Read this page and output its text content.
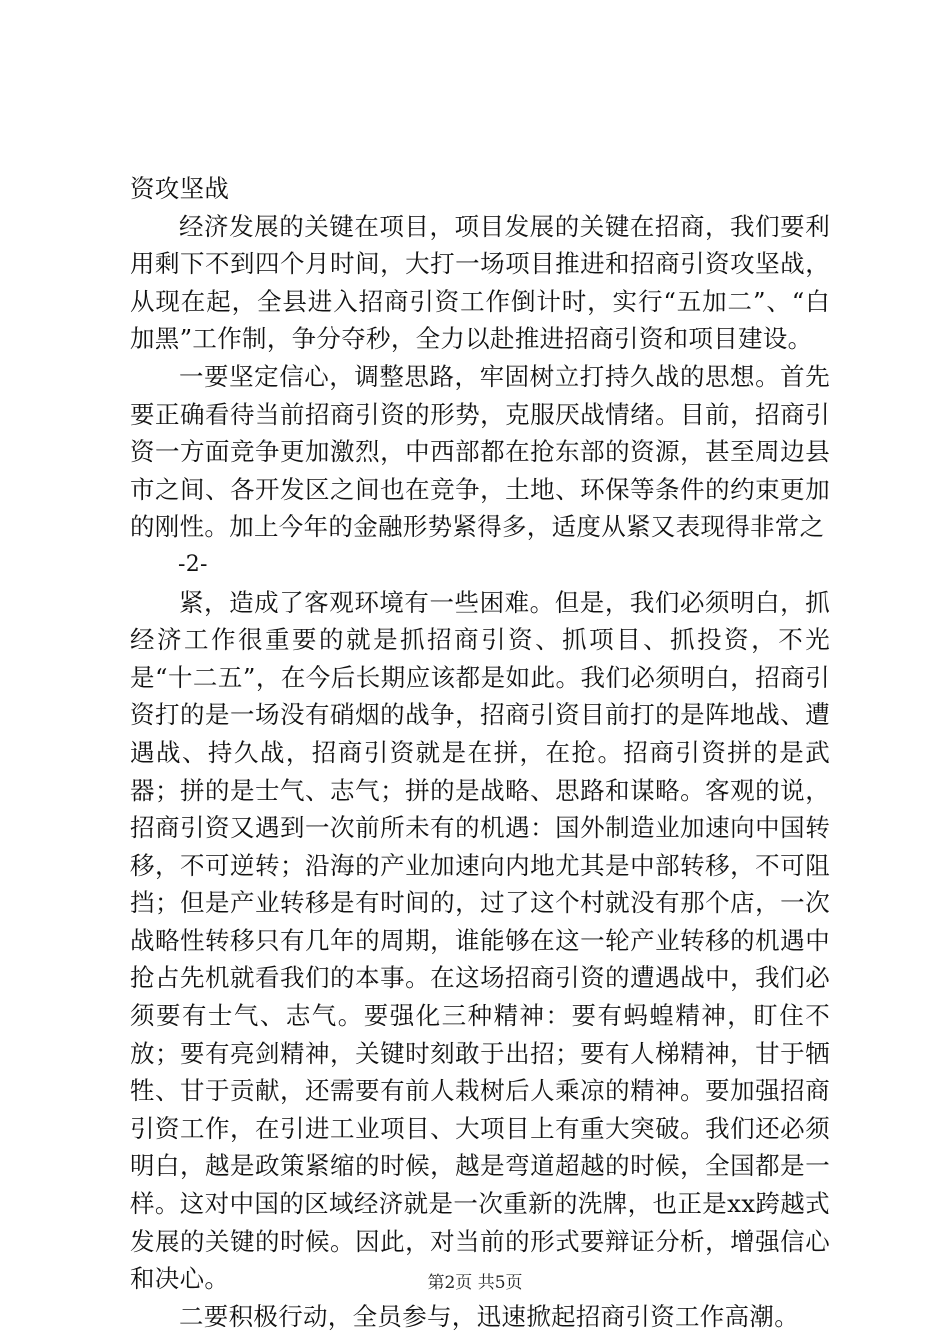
资攻坚战

经济发展的关键在项目，项目发展的关键在招商，我们要利用剩下不到四个月时间，大打一场项目推进和招商引资攻坚战，从现在起，全县进入招商引资工作倒计时，实行“五加二”、“白加黑”工作制，争分夺秒，全力以赴推进招商引资和项目建设。

一要坚定信心，调整思路，牢固树立打持久战的思想。首先要正确看待当前招商引资的形势，克服厌战情绪。目前，招商引资一方面竞争更加激烈，中西部都在抢东部的资源，甚至周边县市之间、各开发区之间也在竞争，土地、环保等条件的约束更加的刚性。加上今年的金融形势紧得多，适度从紧又表现得非常之

-2-

紧，造成了客观环境有一些困难。但是，我们必须明白，抓经济工作很重要的就是抓招商引资、抓项目、抓投资，不光是“十二五”，在今后长期应该都是如此。我们必须明白，招商引资打的是一场没有硝烟的战争，招商引资目前打的是阵地战、遭遇战、持久战，招商引资就是在拼，在抢。招商引资拼的是武器；拼的是士气、志气；拼的是战略、思路和谋略。客观的说，招商引资又遇到一次前所未有的机遇：国外制造业加速向中国转移，不可逆转；沿海的产业加速向内地尤其是中部转移，不可阻挡；但是产业转移是有时间的，过了这个村就没有那个店，一次战略性转移只有几年的周期，谁能够在这一轮产业转移的机遇中抢占先机就看我们的本事。在这场招商引资的遭遇战中，我们必须要有士气、志气。要强化三种精神：要有蚂蝗精神，盯住不放；要有亮剑精神，关键时刻敢于出招；要有人梯精神，甘于牺牲、甘于贡献，还需要有前人栽树后人乘凉的精神。要加强招商引资工作，在引进工业项目、大项目上有重大突破。我们还必须明白，越是政策紧缩的时候，越是弯道超越的时候，全国都是一样。这对中国的区域经济就是一次重新的洗牌，也正是xx跨越式发展的关键的时候。因此，对当前的形式要辩证分析，增强信心和决心。

二要积极行动，全员参与，迅速掀起招商引资工作高潮。

第2页 共5页
